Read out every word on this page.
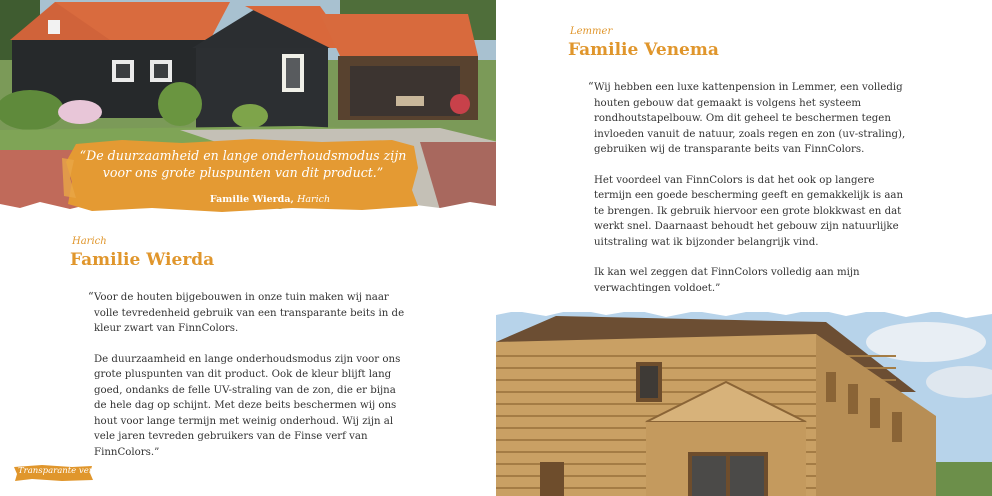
“De duurzaamheid en lange onderhoudsmodus zijn voor ons grote pluspunten van dit product.”
Familie Wierda, Harich
Harich
Familie Wierda
“ Voor de houten bijgebouwen in onze tuin maken wij naar volle tevredenheid gebruik van een transparante beits in de kleur zwart van FinnColors.

De duurzaamheid en lange onderhoudsmodus zijn voor ons grote pluspunten van dit product. Ook de kleur blijft lang goed, ondanks de felle UV-straling van de zon, die er bijna de hele dag op schijnt. Met deze beits beschermen wij ons hout voor lange termijn met weinig onderhoud. Wij zijn al vele jaren tevreden gebruikers van de Finse verf van FinnColors.”

Transparante verf
Lemmer
Familie Venema
“ Wij hebben een luxe kattenpension in Lemmer, een volledig houten gebouw dat gemaakt is volgens het systeem rondhoutstapelbouw. Om dit geheel te beschermen tegen invloeden vanuit de natuur, zoals regen en zon (uv-straling), gebruiken wij de transparante beits van FinnColors.

Het voordeel van FinnColors is dat het ook op langere termijn een goede bescherming geeft en gemakkelijk is aan te brengen. Ik gebruik hiervoor een grote blokkwast en dat werkt snel. Daarnaast behoudt het gebouw zijn natuurlijke uitstraling wat ik bijzonder belangrijk vind.

Ik kan wel zeggen dat FinnColors volledig aan mijn verwachtingen voldoet.”
